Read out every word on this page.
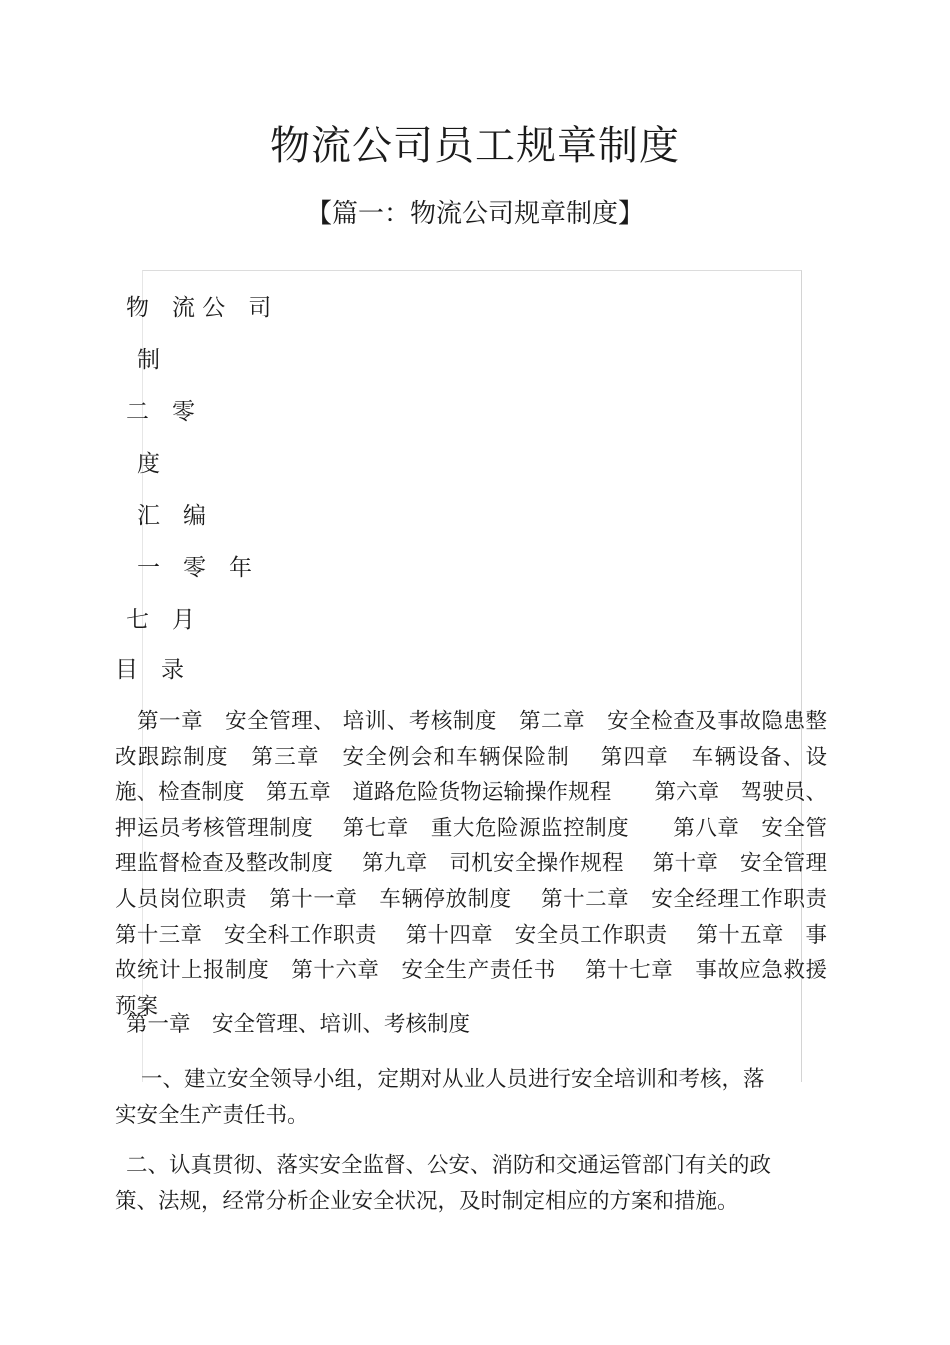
物流公司员工规章制度
【篇一：物流公司规章制度】
物　流 公　司
制
二　零
度
汇　编
一　零　年
七　月
目　录
第一章　安全管理、 培训、考核制度　第二章　安全检查及事故隐患整改跟踪制度　第三章　安全例会和车辆保险制　 第四章　车辆设备、设施、检查制度　第五章　道路危险货物运输操作规程　　第六章　驾驶员、押运员考核管理制度　 第七章　重大危险源监控制度　　第八章　安全管理监督检查及整改制度　 第九章　司机安全操作规程　 第十章　安全管理人员岗位职责　第十一章　车辆停放制度　 第十二章　安全经理工作职责　 第十三章　安全科工作职责　 第十四章　安全员工作职责　 第十五章　事故统计上报制度　第十六章　安全生产责任书　 第十七章　事故应急救援预案
第一章　安全管理、培训、考核制度
一、建立安全领导小组，定期对从业人员进行安全培训和考核，落实安全生产责任书。
二、认真贯彻、落实安全监督、公安、消防和交通运管部门有关的政策、法规，经常分析企业安全状况，及时制定相应的方案和措施。
